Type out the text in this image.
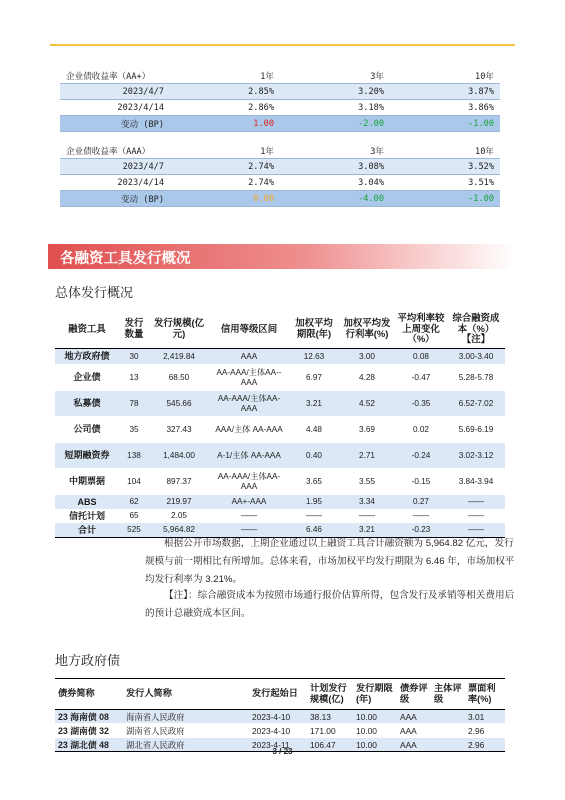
企业债收益率（AA+）	1年	3年	10年
2023/4/7	2.85%	3.20%	3.87%
2023/4/14	2.86%	3.18%	3.86%
变动 (BP)	1.00	-2.00	-1.00
企业债收益率（AAA）	1年	3年	10年
2023/4/7	2.74%	3.08%	3.52%
2023/4/14	2.74%	3.04%	3.51%
变动 (BP)	0.00	-4.00	-1.00
各融资工具发行概况
总体发行概况
融资工具	发行数量	发行规模(亿元)	信用等级区间	加权平均期限(年)	加权平均发行利率(%)	平均利率较上周变化（%）	综合融资成本（%）【注】
地方政府债	30	2,419.84	AAA	12.63	3.00	0.08	3.00-3.40
企业债	13	68.50	AA-AAA/主体AA--AAA	6.97	4.28	-0.47	5.28-5.78
私募债	78	545.66	AA-AAA/主体AA-AAA	3.21	4.52	-0.35	6.52-7.02
公司债	35	327.43	AAA/主体 AA-AAA	4.48	3.69	0.02	5.69-6.19
短期融资券	138	1,484.00	A-1/主体 AA-AAA	0.40	2.71	-0.24	3.02-3.12
中期票据	104	897.37	AA-AAA/主体AA-AAA	3.65	3.55	-0.15	3.84-3.94
ABS	62	219.97	AA+-AAA	1.95	3.34	0.27	——
信托计划	65	2.05	——	——	——	——	——
合计	525	5,964.82	——	6.46	3.21	-0.23	——
根据公开市场数据，上期企业通过以上融资工具合计融资额为 5,964.82 亿元，发行规模与前一期相比有所增加。总体来看，市场加权平均发行期限为 6.46 年，市场加权平均发行利率为 3.21%。
【注】：综合融资成本为按照市场通行报价估算所得，包含发行及承销等相关费用后的预计总融资成本区间。
地方政府债
债券简称	发行人简称	发行起始日	计划发行规模(亿)	发行期限(年)	债券评级	主体评级	票面利率(%)
23 海南债 08	海南省人民政府	2023-4-10	38.13	10.00	AAA		3.01
23 湖南债 32	湖南省人民政府	2023-4-10	171.00	10.00	AAA		2.96
23 湖北债 48	湖北省人民政府	2023-4-11	106.47	10.00	AAA		2.96
3 / 23
